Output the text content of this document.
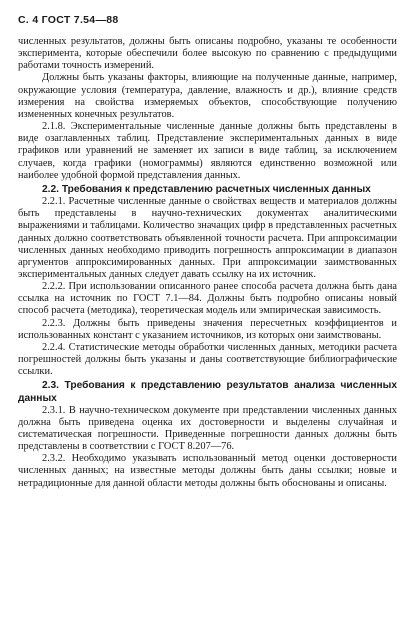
С. 4 ГОСТ 7.54—88

численных результатов, должны быть описаны подробно, указаны те особенности эксперимента, которые обеспечили более высокую по сравнению с предыдущими работами точность измерений.

Должны быть указаны факторы, влияющие на полученные данные, например, окружающие условия (температура, давление, влажность и др.), влияние средств измерения на свойства измеряемых объектов, способствующие получению измененных конечных результатов.

2.1.8. Экспериментальные численные данные должны быть представлены в виде озаглавленных таблиц. Представление экспериментальных данных в виде графиков или уравнений не заменяет их записи в виде таблиц, за исключением случаев, когда графики (номограммы) являются единственно возможной или наиболее удобной формой представления данных.

2.2. Требования к представлению расчетных численных данных

2.2.1. Расчетные численные данные о свойствах веществ и материалов должны быть представлены в научно-технических документах аналитическими выражениями и таблицами. Количество значащих цифр в представленных расчетных данных должно соответствовать объявленной точности расчета. При аппроксимации численных данных необходимо приводить погрешность аппроксимации в диапазон аргументов аппроксимированных данных. При аппроксимации заимствованных экспериментальных данных следует давать ссылку на их источник.

2.2.2. При использовании описанного ранее способа расчета должна быть дана ссылка на источник по ГОСТ 7.1—84. Должны быть подробно описаны новый способ расчета (методика), теоретическая модель или эмпирическая зависимость.

2.2.3. Должны быть приведены значения пересчетных коэффициентов и использованных констант с указанием источников, из которых они заимствованы.

2.2.4. Статистические методы обработки численных данных, методики расчета погрешностей должны быть указаны и даны соответствующие библиографические ссылки.

2.3. Требования к представлению результатов анализа численных данных

2.3.1. В научно-техническом документе при представлении численных данных должна быть приведена оценка их достоверности и выделены случайная и систематическая погрешности. Приведенные погрешности данных должны быть представлены в соответствии с ГОСТ 8.207—76.

2.3.2. Необходимо указывать использованный метод оценки достоверности численных данных; на известные методы должны быть даны ссылки; новые и нетрадиционные для данной области методы должны быть обоснованы и описаны.
